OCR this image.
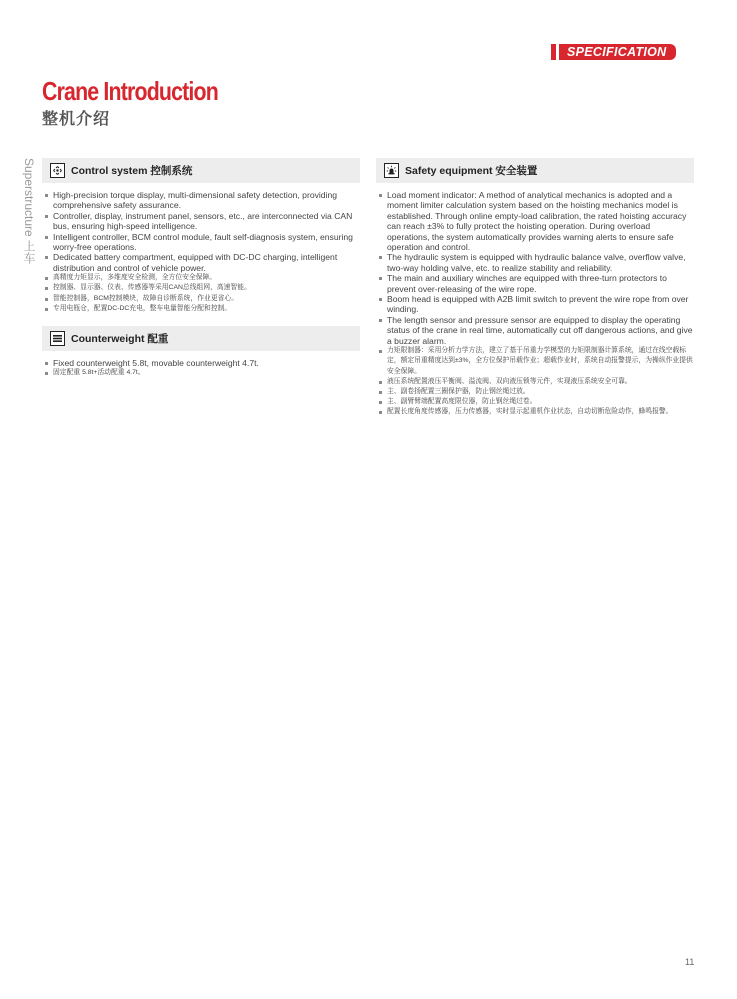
SPECIFICATION
Crane Introduction
整机介绍
Superstructure 上车	Control system 控制系统
High-precision torque display, multi-dimensional safety detection, providing comprehensive safety assurance.
Controller, display, instrument panel, sensors, etc., are interconnected via CAN bus, ensuring high-speed intelligence.
Intelligent controller, BCM control module, fault self-diagnosis system, ensuring worry-free operations.
Dedicated battery compartment, equipped with DC-DC charging, intelligent distribution and control of vehicle power.
高精度力矩显示，多维度安全检测，全方位安全保障。
控制器、显示器、仪表、传感器等采用CAN总线组网，高速智能。
智能控制器，BCM控制模块，故障自诊断系统，作业更省心。
专用电瓶仓，配置DC-DC充电，整车电量智能分配和控制。
Counterweight 配重
Fixed counterweight 5.8t, movable counterweight 4.7t.
固定配重 5.8t+活动配重 4.7t。
Safety equipment 安全装置
Load moment indicator: A method of analytical mechanics is adopted and a moment limiter calculation system based on the hoisting mechanics model is established. Through online empty-load calibration, the rated hoisting accuracy can reach ±3% to fully protect the hoisting operation. During overload operations, the system automatically provides warning alerts to ensure safe operation and control.
The hydraulic system is equipped with hydraulic balance valve, overflow valve, two-way holding valve, etc. to realize stability and reliability.
The main and auxiliary winches are equipped with three-turn protectors to prevent over-releasing of the wire rope.
Boom head is equipped with A2B limit switch to prevent the wire rope from over winding.
The length sensor and pressure sensor are equipped to display the operating status of the crane in real time, automatically cut off dangerous actions, and give a buzzer alarm.
力矩限制器：采用分析力学方法，建立了基于吊重力学模型的力矩限制器计算系统，通过在线空载标定，额定吊重精度达到±3%，全方位保护吊载作业；超载作业时，系统自动报警提示，为操纵作业提供安全保障。
液压系统配置液压平衡阀、溢流阀、双向液压锁等元件，实现液压系统安全可靠。
主、副卷扬配置三圈保护器，防止钢丝绳过放。
主、副臂臂端配置高度限位器，防止钢丝绳过卷。
配置长度角度传感器，压力传感器，实时显示起重机作业状态，自动切断危险动作，蜂鸣报警。
11
